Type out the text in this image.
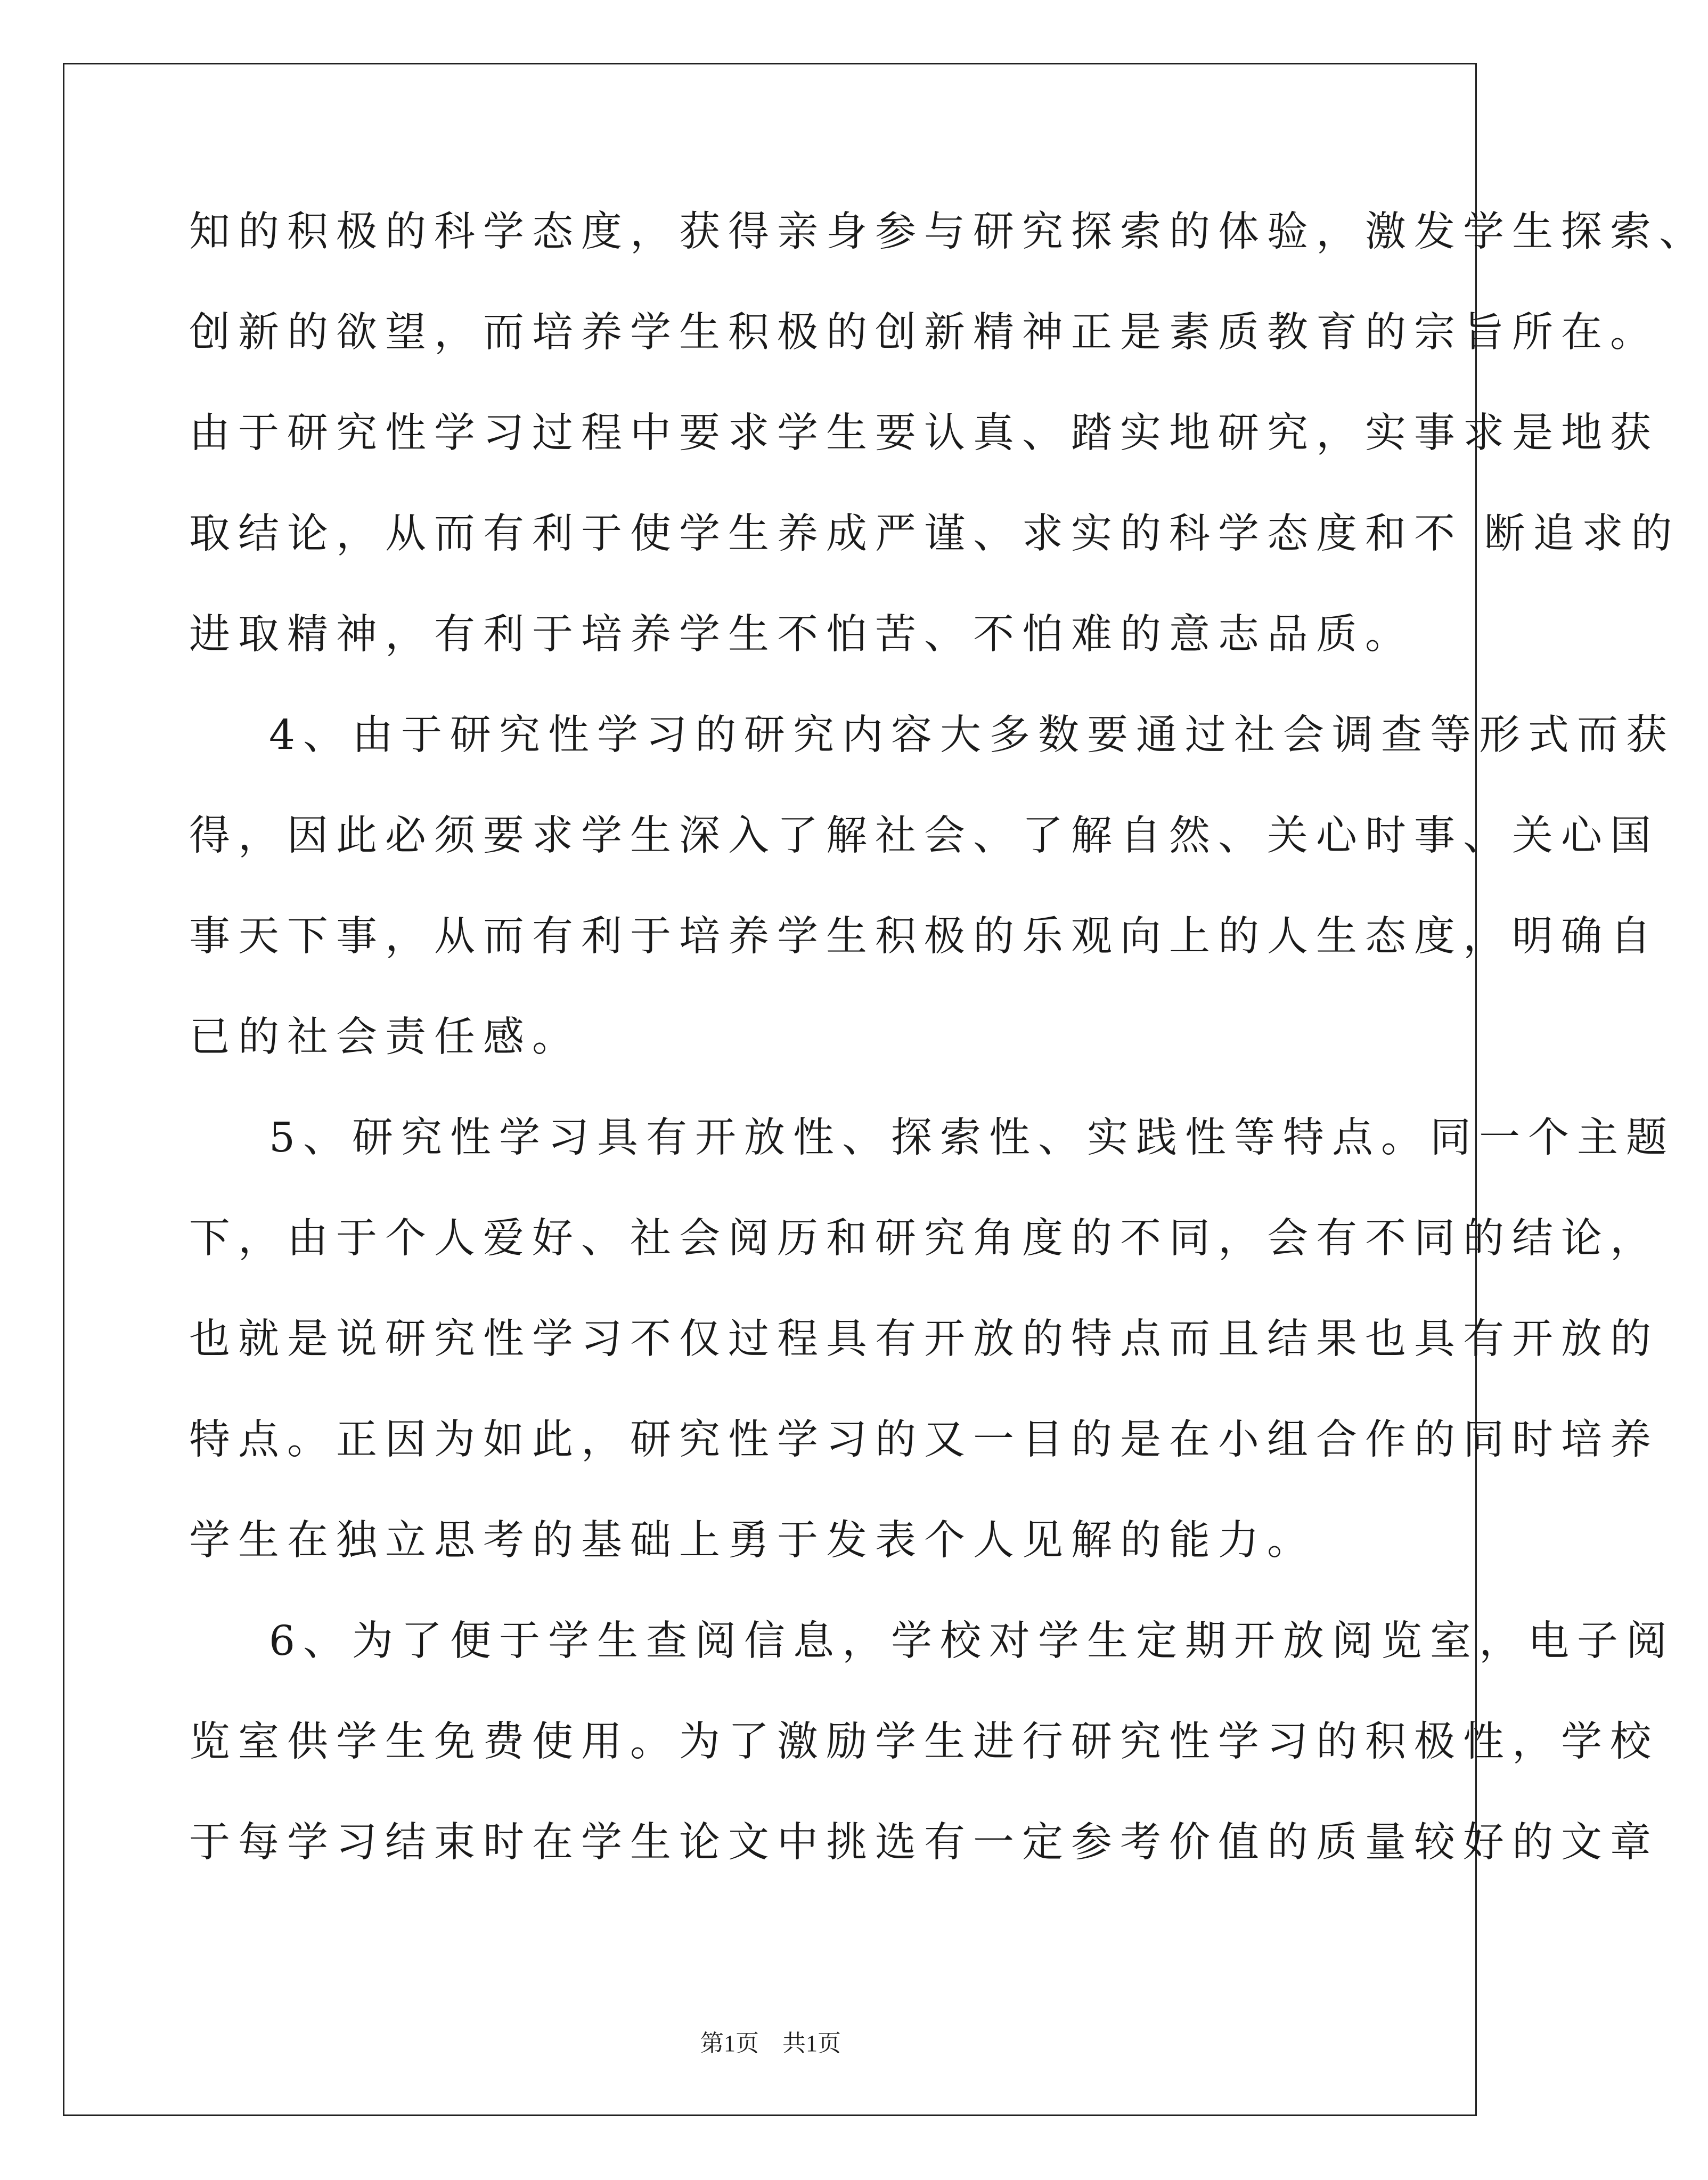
知的积极的科学态度，获得亲身参与研究探索的体验，激发学生探索、
创新的欲望，而培养学生积极的创新精神正是素质教育的宗旨所在。
由于研究性学习过程中要求学生要认真、踏实地研究，实事求是地获
取结论，从而有利于使学生养成严谨、求实的科学态度和不 断追求的
进取精神，有利于培养学生不怕苦、不怕难的意志品质。
4、由于研究性学习的研究内容大多数要通过社会调查等形式而获
得，因此必须要求学生深入了解社会、了解自然、关心时事、关心国
事天下事，从而有利于培养学生积极的乐观向上的人生态度，明确自
已的社会责任感。
5、研究性学习具有开放性、探索性、实践性等特点。同一个主题
下，由于个人爱好、社会阅历和研究角度的不同，会有不同的结论，
也就是说研究性学习不仅过程具有开放的特点而且结果也具有开放的
特点。正因为如此，研究性学习的又一目的是在小组合作的同时培养
学生在独立思考的基础上勇于发表个人见解的能力。
6、为了便于学生查阅信息，学校对学生定期开放阅览室，电子阅
览室供学生免费使用。为了激励学生进行研究性学习的积极性，学校
于每学习结束时在学生论文中挑选有一定参考价值的质量较好的文章
第1页　共1页
